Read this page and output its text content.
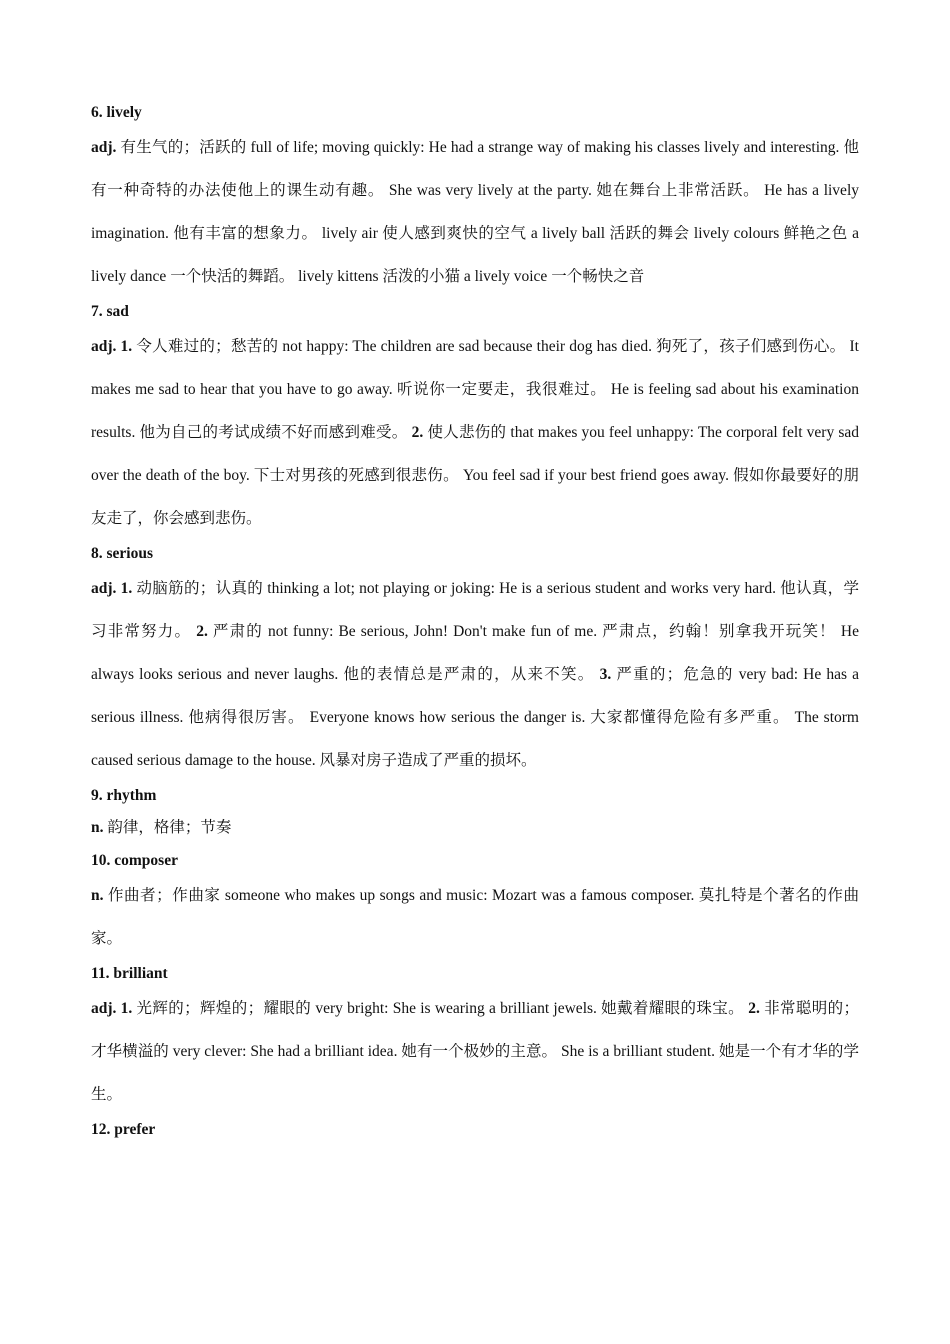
6. lively

adj. 有生气的；活跃的 full of life; moving quickly: He had a strange way of making his classes lively and interesting. 他有一种奇特的办法使他上的课生动有趣。 She was very lively at the party. 她在舞台上非常活跃。 He has a lively imagination. 他有丰富的想象力。 lively air 使人感到爽快的空气 a lively ball 活跃的舞会 lively colours 鲜艳之色 a lively dance 一个快活的舞蹈。 lively kittens 活泼的小猫 a lively voice 一个畅快之音

7. sad

adj. 1. 令人难过的；愁苦的 not happy: The children are sad because their dog has died. 狗死了，孩子们感到伤心。 It makes me sad to hear that you have to go away. 听说你一定要走，我很难过。 He is feeling sad about his examination results. 他为自己的考试成绩不好而感到难受。 2. 使人悲伤的 that makes you feel unhappy: The corporal felt very sad over the death of the boy. 下士对男孩的死感到很悲伤。 You feel sad if your best friend goes away. 假如你最要好的朋友走了，你会感到悲伤。

8. serious

adj. 1. 动脑筋的；认真的 thinking a lot; not playing or joking: He is a serious student and works very hard. 他认真，学习非常努力。 2. 严肃的 not funny: Be serious, John! Don't make fun of me. 严肃点，约翰！别拿我开玩笑！ He always looks serious and never laughs. 他的表情总是严肃的，从来不笑。 3. 严重的；危急的 very bad: He has a serious illness. 他病得很厉害。 Everyone knows how serious the danger is. 大家都懂得危险有多严重。 The storm caused serious damage to the house. 风暴对房子造成了严重的损坏。

9. rhythm

n. 韵律，格律；节奏

10. composer

n. 作曲者；作曲家 someone who makes up songs and music: Mozart was a famous composer. 莫扎特是个著名的作曲家。

11. brilliant

adj. 1. 光辉的；辉煌的；耀眼的 very bright: She is wearing a brilliant jewels. 她戴着耀眼的珠宝。 2. 非常聪明的；才华横溢的 very clever: She had a brilliant idea. 她有一个极妙的主意。 She is a brilliant student. 她是一个有才华的学生。

12. prefer
